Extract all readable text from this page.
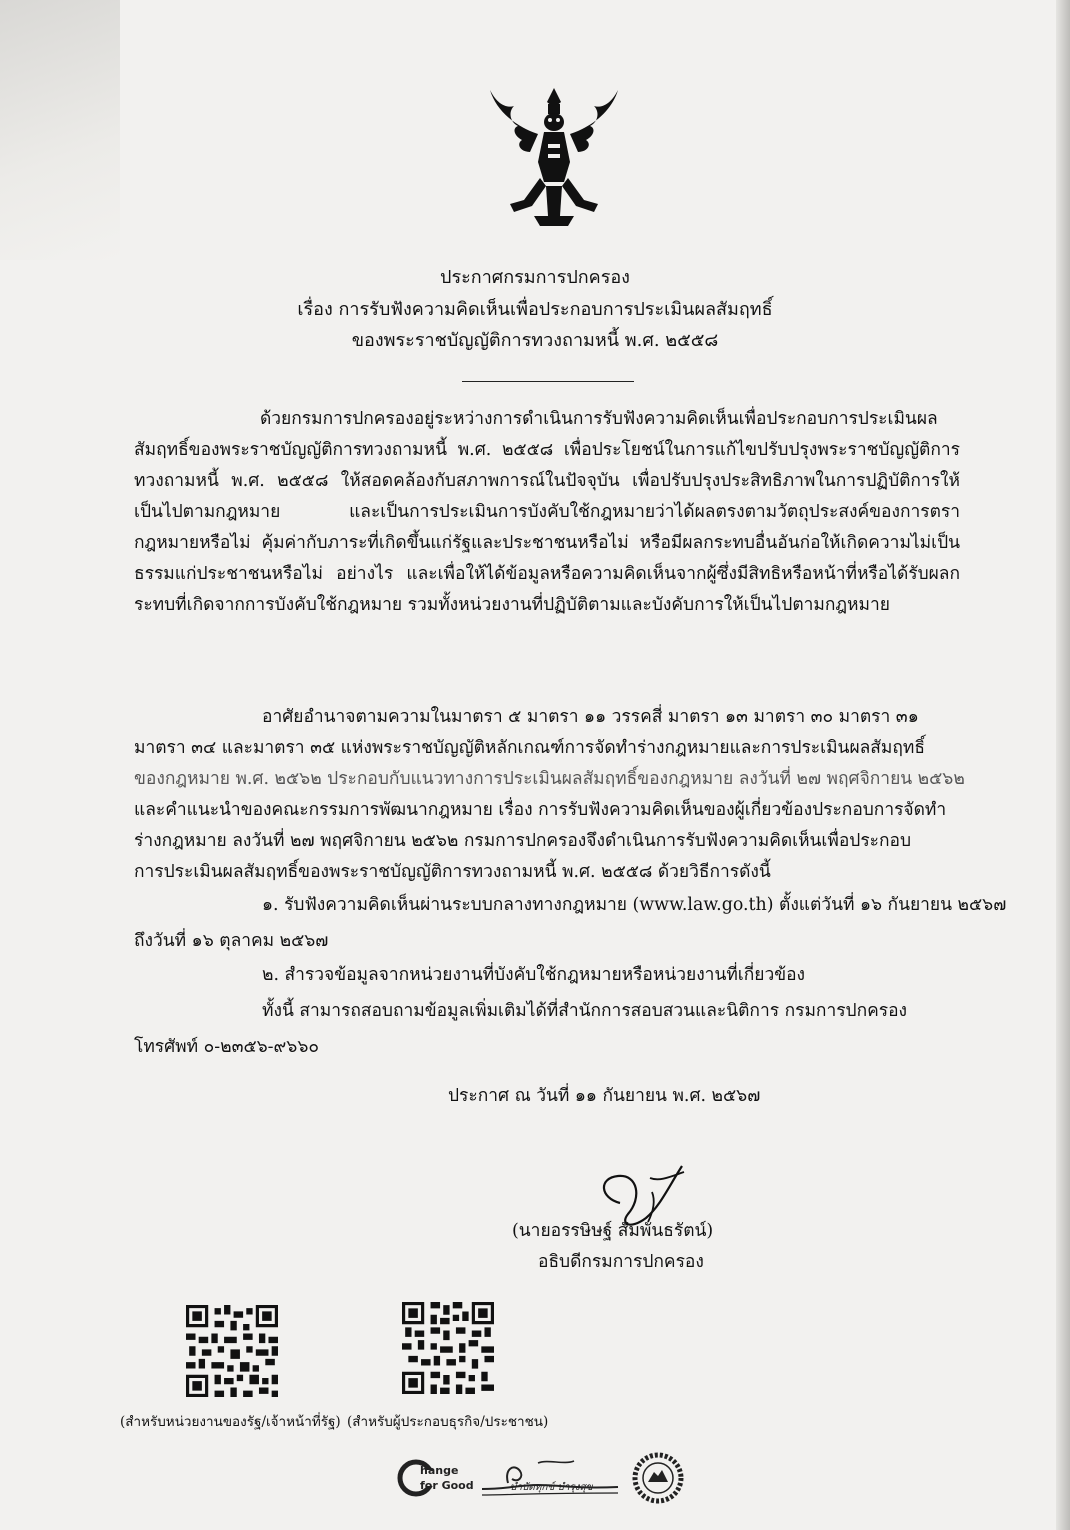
ประกาศกรมการปกครอง
เรื่อง การรับฟังความคิดเห็นเพื่อประกอบการประเมินผลสัมฤทธิ์
ของพระราชบัญญัติการทวงถามหนี้ พ.ศ. ๒๕๕๘

ด้วยกรมการปกครองอยู่ระหว่างการดำเนินการรับฟังความคิดเห็นเพื่อประกอบการประเมินผลสัมฤทธิ์ของพระราชบัญญัติการทวงถามหนี้ พ.ศ. ๒๕๕๘ เพื่อประโยชน์ในการแก้ไขปรับปรุงพระราชบัญญัติการทวงถามหนี้ พ.ศ. ๒๕๕๘ ให้สอดคล้องกับสภาพการณ์ในปัจจุบัน เพื่อปรับปรุงประสิทธิภาพในการปฏิบัติการให้เป็นไปตามกฎหมาย และเป็นการประเมินการบังคับใช้กฎหมายว่าได้ผลตรงตามวัตถุประสงค์ของการตรากฎหมายหรือไม่ คุ้มค่ากับภาระที่เกิดขึ้นแก่รัฐและประชาชนหรือไม่ หรือมีผลกระทบอื่นอันก่อให้เกิดความไม่เป็นธรรมแก่ประชาชนหรือไม่ อย่างไร และเพื่อให้ได้ข้อมูลหรือความคิดเห็นจากผู้ซึ่งมีสิทธิหรือหน้าที่หรือได้รับผลกระทบที่เกิดจากการบังคับใช้กฎหมาย รวมทั้งหน่วยงานที่ปฏิบัติตามและบังคับการให้เป็นไปตามกฎหมาย

อาศัยอำนาจตามความในมาตรา ๕ มาตรา ๑๑ วรรคสี่ มาตรา ๑๓ มาตรา ๓๐ มาตรา ๓๑

มาตรา ๓๔ และมาตรา ๓๕ แห่งพระราชบัญญัติหลักเกณฑ์การจัดทำร่างกฎหมายและการประเมินผลสัมฤทธิ์

ของกฎหมาย พ.ศ. ๒๕๖๒ ประกอบกับแนวทางการประเมินผลสัมฤทธิ์ของกฎหมาย ลงวันที่ ๒๗ พฤศจิกายน ๒๕๖๒

และคำแนะนำของคณะกรรมการพัฒนากฎหมาย เรื่อง การรับฟังความคิดเห็นของผู้เกี่ยวข้องประกอบการจัดทำ

ร่างกฎหมาย ลงวันที่ ๒๗ พฤศจิกายน ๒๕๖๒ กรมการปกครองจึงดำเนินการรับฟังความคิดเห็นเพื่อประกอบ

การประเมินผลสัมฤทธิ์ของพระราชบัญญัติการทวงถามหนี้ พ.ศ. ๒๕๕๘ ด้วยวิธีการดังนี้

๑. รับฟังความคิดเห็นผ่านระบบกลางทางกฎหมาย (www.law.go.th) ตั้งแต่วันที่ ๑๖ กันยายน ๒๕๖๗

ถึงวันที่ ๑๖ ตุลาคม ๒๕๖๗

๒. สำรวจข้อมูลจากหน่วยงานที่บังคับใช้กฎหมายหรือหน่วยงานที่เกี่ยวข้อง

ทั้งนี้ สามารถสอบถามข้อมูลเพิ่มเติมได้ที่สำนักการสอบสวนและนิติการ กรมการปกครอง

โทรศัพท์ ๐-๒๓๕๖-๙๖๖๐

ประกาศ ณ วันที่ ๑๑ กันยายน พ.ศ. ๒๕๖๗

(นายอรรษิษฐ์ สัมพันธรัตน์)

อธิบดีกรมการปกครอง

(สำหรับหน่วยงานของรัฐ/เจ้าหน้าที่รัฐ) (สำหรับผู้ประกอบธุรกิจ/ประชาชน)
hange
for Good	บำบัดทุกข์ บำรุงสุข
